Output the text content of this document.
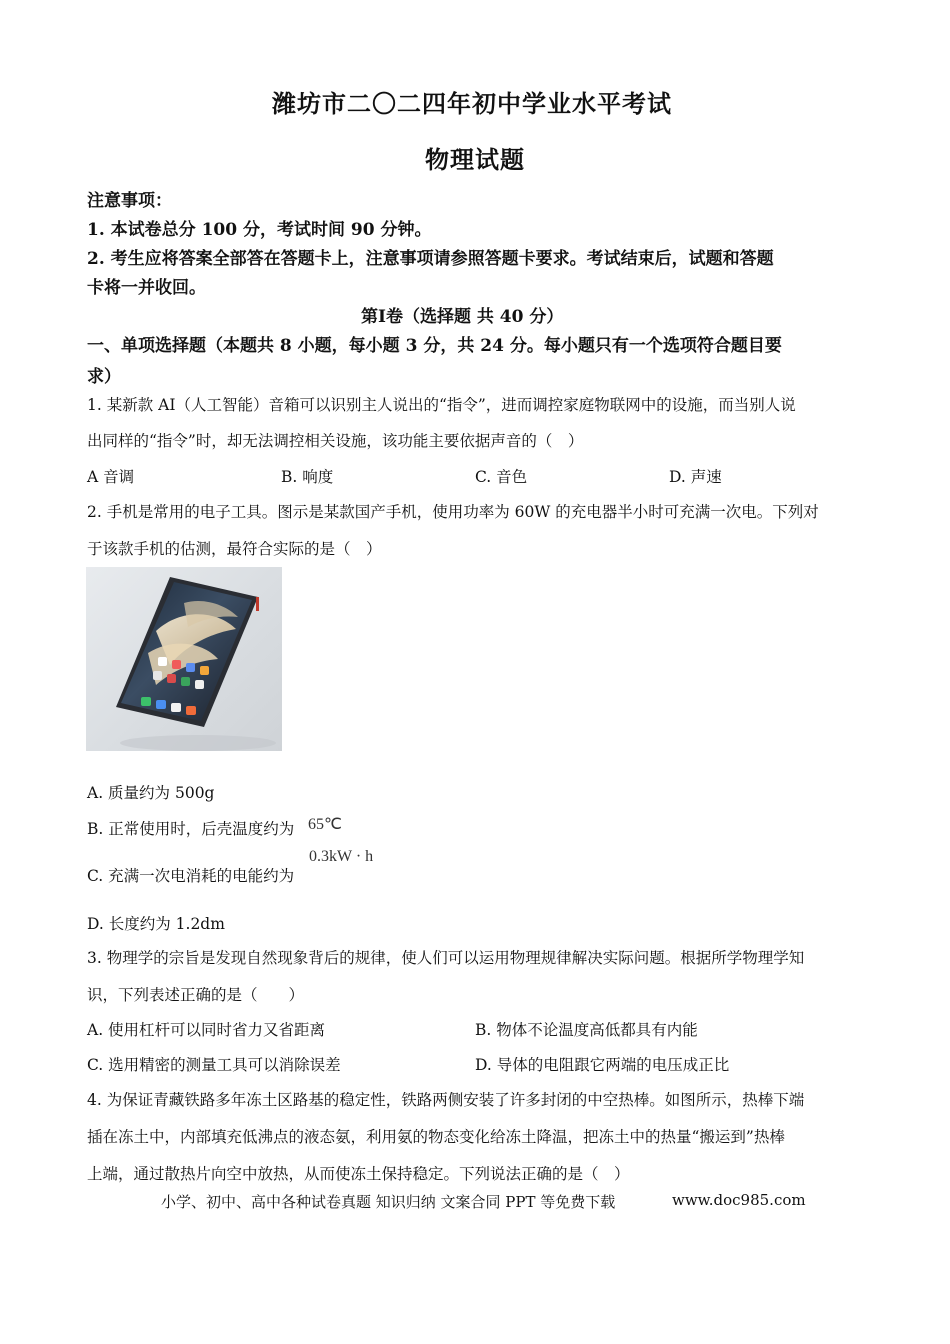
潍坊市二〇二四年初中学业水平考试
物理试题
注意事项：
1. 本试卷总分 100 分，考试时间 90 分钟。
2. 考生应将答案全部答在答题卡上，注意事项请参照答题卡要求。考试结束后，试题和答题
卡将一并收回。
第Ⅰ卷（选择题 共 40 分）
一、单项选择题（本题共 8 小题，每小题 3 分，共 24 分。每小题只有一个选项符合题目要
求）
1. 某新款 AI（人工智能）音箱可以识别主人说出的“指令”，进而调控家庭物联网中的设施，而当别人说
出同样的“指令”时，却无法调控相关设施，该功能主要依据声音的（　）
A 音调	B. 响度	C. 音色	D. 声速
2. 手机是常用的电子工具。图示是某款国产手机，使用功率为 60W 的充电器半小时可充满一次电。下列对
于该款手机的估测，最符合实际的是（　）
A. 质量约为 500g
B. 正常使用时，后壳温度约为 65℃
0.3kW · h
C. 充满一次电消耗的电能约为
D. 长度约为 1.2dm
3. 物理学的宗旨是发现自然现象背后的规律，使人们可以运用物理规律解决实际问题。根据所学物理学知
识，下列表述正确的是（　　）
A. 使用杠杆可以同时省力又省距离	B. 物体不论温度高低都具有内能
C. 选用精密的测量工具可以消除误差	D. 导体的电阻跟它两端的电压成正比
4. 为保证青藏铁路多年冻土区路基的稳定性，铁路两侧安装了许多封闭的中空热棒。如图所示，热棒下端
插在冻土中，内部填充低沸点的液态氨，利用氨的物态变化给冻土降温，把冻土中的热量“搬运到”热棒
上端，通过散热片向空中放热，从而使冻土保持稳定。下列说法正确的是（　）
小学、初中、高中各种试卷真题 知识归纳 文案合同 PPT 等免费下载	www.doc985.com
